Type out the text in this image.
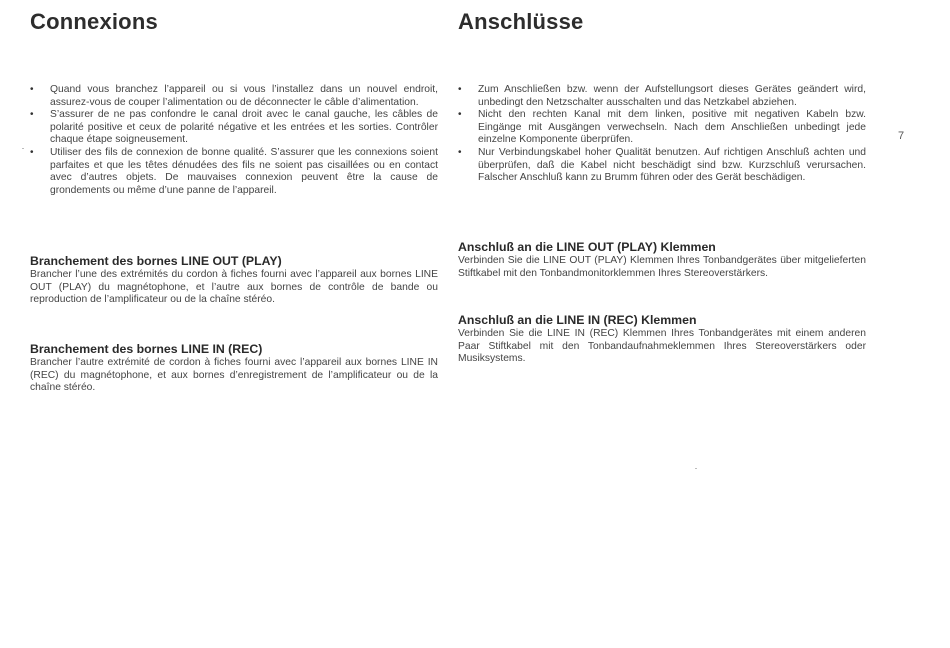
Connexions
• Quand vous branchez l’appareil ou si vous l’installez dans un nouvel endroit, assurez-vous de couper l’alimentation ou de déconnecter le câble d’alimentation.
• S’assurer de ne pas confondre le canal droit avec le canal gauche, les câbles de polarité positive et ceux de polarité négative et les entrées et les sorties. Contrôler chaque étape soigneusement.
• Utiliser des fils de connexion de bonne qualité. S’assurer que les connexions soient parfaites et que les têtes dénudées des fils ne soient pas cisaillées ou en contact avec d’autres objets. De mauvaises connexion peuvent être la cause de grondements ou même d’une panne de l’appareil.
Branchement des bornes LINE OUT (PLAY)

Brancher l’une des extrémités du cordon à fiches fourni avec l’appareil aux bornes LINE OUT (PLAY) du magnétophone, et l’autre aux bornes de contrôle de bande ou reproduction de l’amplificateur ou de la chaîne stéréo.

Branchement des bornes LINE IN (REC)

Brancher l’autre extrémité de cordon à fiches fourni avec l’appareil aux bornes LINE IN (REC) du magnétophone, et aux bornes d’enregistrement de l’amplificateur ou de la chaîne stéréo.

Anschlüsse
• Zum Anschließen bzw. wenn der Aufstellungsort dieses Gerätes geändert wird, unbedingt den Netzschalter ausschalten und das Netzkabel abziehen.
• Nicht den rechten Kanal mit dem linken, positive mit negativen Kabeln bzw. Eingänge mit Ausgängen verwechseln. Nach dem Anschließen unbedingt jede einzelne Komponente überprüfen.
• Nur Verbindungskabel hoher Qualität benutzen. Auf richtigen Anschluß achten und überprüfen, daß die Kabel nicht beschädigt sind bzw. Kurzschluß verursachen. Falscher Anschluß kann zu Brumm führen oder des Gerät beschädigen.
Anschluß an die LINE OUT (PLAY) Klemmen

Verbinden Sie die LINE OUT (PLAY) Klemmen Ihres Tonbandgerätes über mitgelieferten Stiftkabel mit den Tonbandmonitorklemmen Ihres Stereoverstärkers.

Anschluß an die LINE IN (REC) Klemmen

Verbinden Sie die LINE IN (REC) Klemmen Ihres Tonbandgerätes mit einem anderen Paar Stiftkabel mit den Tonbandaufnahmeklemmen Ihres Stereoverstärkers oder Musiksystems.

7
